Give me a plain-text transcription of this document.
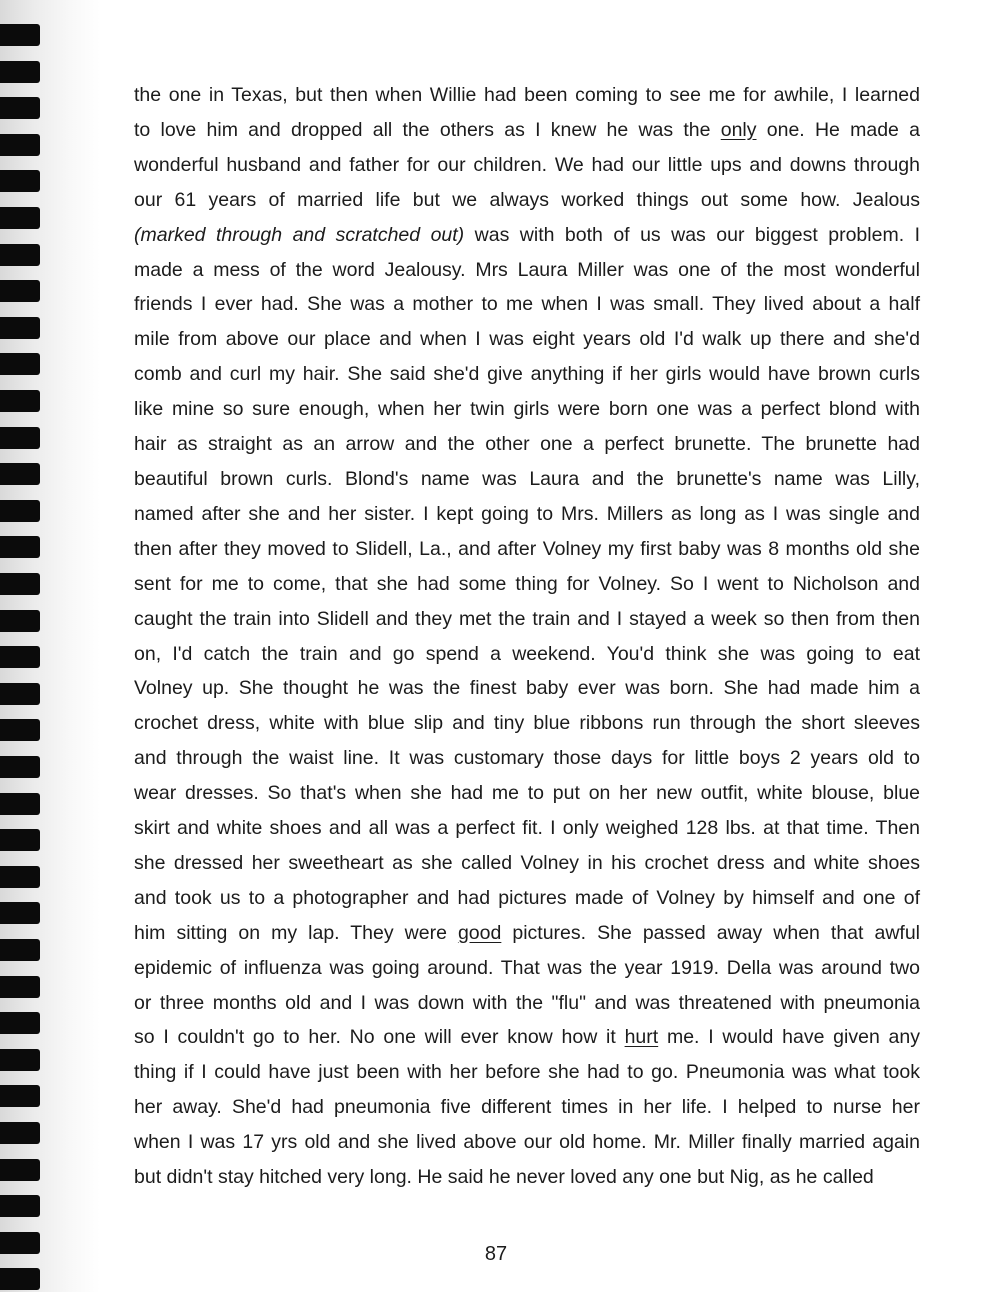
the one in Texas, but then when Willie had been coming to see me for awhile, I learned
to love him and dropped all the others as I knew he was the only one. He made a
wonderful husband and father for our children. We had our little ups and downs through
our 61 years of married life but we always worked things out some how. Jealous
(marked through and scratched out) was with both of us was our biggest problem. I
made a mess of the word Jealousy. Mrs Laura Miller was one of the most wonderful
friends I ever had. She was a mother to me when I was small. They lived about a half
mile from above our place and when I was eight years old I'd walk up there and she'd
comb and curl my hair. She said she'd give anything if her girls would have brown curls
like mine so sure enough, when her twin girls were born one was a perfect blond with
hair as straight as an arrow and the other one a perfect brunette. The brunette had
beautiful brown curls. Blond's name was Laura and the brunette's name was Lilly,
named after she and her sister. I kept going to Mrs. Millers as long as I was single and
then after they moved to Slidell, La., and after Volney my first baby was 8 months old she
sent for me to come, that she had some thing for Volney. So I went to Nicholson and
caught the train into Slidell and they met the train and I stayed a week so then from then
on, I'd catch the train and go spend a weekend. You'd think she was going to eat
Volney up. She thought he was the finest baby ever was born. She had made him a
crochet dress, white with blue slip and tiny blue ribbons run through the short sleeves
and through the waist line. It was customary those days for little boys 2 years old to
wear dresses. So that's when she had me to put on her new outfit, white blouse, blue
skirt and white shoes and all was a perfect fit. I only weighed 128 lbs. at that time. Then
she dressed her sweetheart as she called Volney in his crochet dress and white shoes
and took us to a photographer and had pictures made of Volney by himself and one of
him sitting on my lap. They were good pictures. She passed away when that awful
epidemic of influenza was going around. That was the year 1919. Della was around two
or three months old and I was down with the "flu" and was threatened with pneumonia
so I couldn't go to her. No one will ever know how it hurt me. I would have given any
thing if I could have just been with her before she had to go. Pneumonia was what took
her away. She'd had pneumonia five different times in her life. I helped to nurse her
when I was 17 yrs old and she lived above our old home. Mr. Miller finally married again
but didn't stay hitched very long. He said he never loved any one but Nig, as he called
87
